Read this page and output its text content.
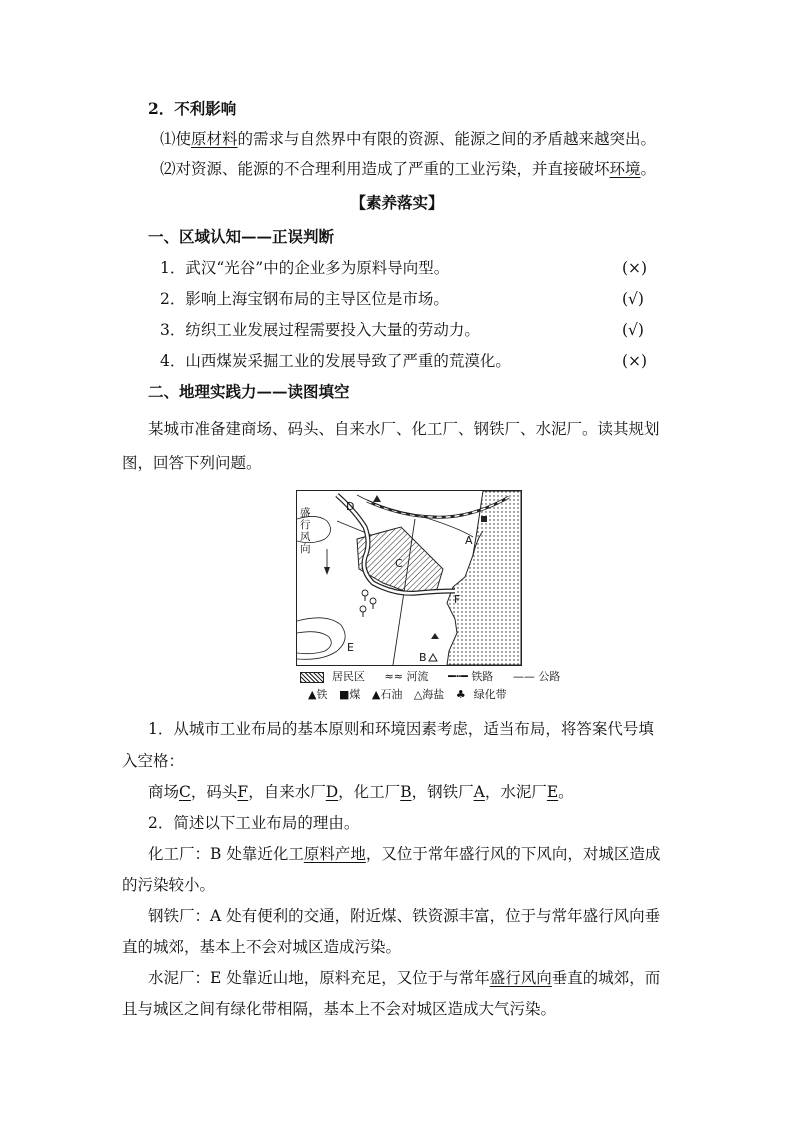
2．不利影响
⑴使原材料的需求与自然界中有限的资源、能源之间的矛盾越来越突出。
⑵对资源、能源的不合理利用造成了严重的工业污染，并直接破坏环境。
【素养落实】
一、区域认知——正误判断
1．武汉“光谷”中的企业多为原料导向型。	(×)
2．影响上海宝钢布局的主导区位是市场。	(√)
3．纺织工业发展过程需要投入大量的劳动力。	(√)
4．山西煤炭采掘工业的发展导致了严重的荒漠化。	(×)
二、地理实践力——读图填空
某城市准备建商场、码头、自来水厂、化工厂、钢铁厂、水泥厂。读其规划
图，回答下列问题。
盛行风向
D
A
C
F
E
B
居民区 ≈≈ 河流 ━┅━ 铁路 —— 公路
▲铁 ■煤 ▲石油 △海盐 ♣ 绿化带
1．从城市工业布局的基本原则和环境因素考虑，适当布局，将答案代号填
入空格：
商场C，码头F，自来水厂D，化工厂B，钢铁厂A，水泥厂E。
2．简述以下工业布局的理由。
化工厂：B 处靠近化工原料产地，又位于常年盛行风的下风向，对城区造成
的污染较小。
钢铁厂：A 处有便利的交通，附近煤、铁资源丰富，位于与常年盛行风向垂
直的城郊，基本上不会对城区造成污染。
水泥厂：E 处靠近山地，原料充足，又位于与常年盛行风向垂直的城郊，而
且与城区之间有绿化带相隔，基本上不会对城区造成大气污染。
